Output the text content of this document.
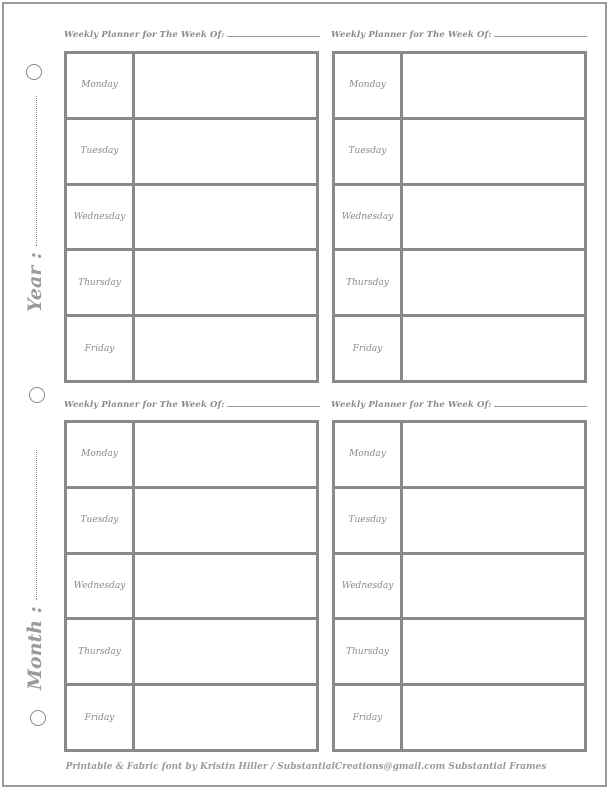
Year :
Month :
Weekly Planner for The Week Of:
Monday
Tuesday
Wednesday
Thursday
Friday
Weekly Planner for The Week Of:
Monday
Tuesday
Wednesday
Thursday
Friday
Weekly Planner for The Week Of:
Monday
Tuesday
Wednesday
Thursday
Friday
Weekly Planner for The Week Of:
Monday
Tuesday
Wednesday
Thursday
Friday
Printable & Fabric font by Kristin Hiller / SubstantialCreations@gmail.com Substantial Frames
